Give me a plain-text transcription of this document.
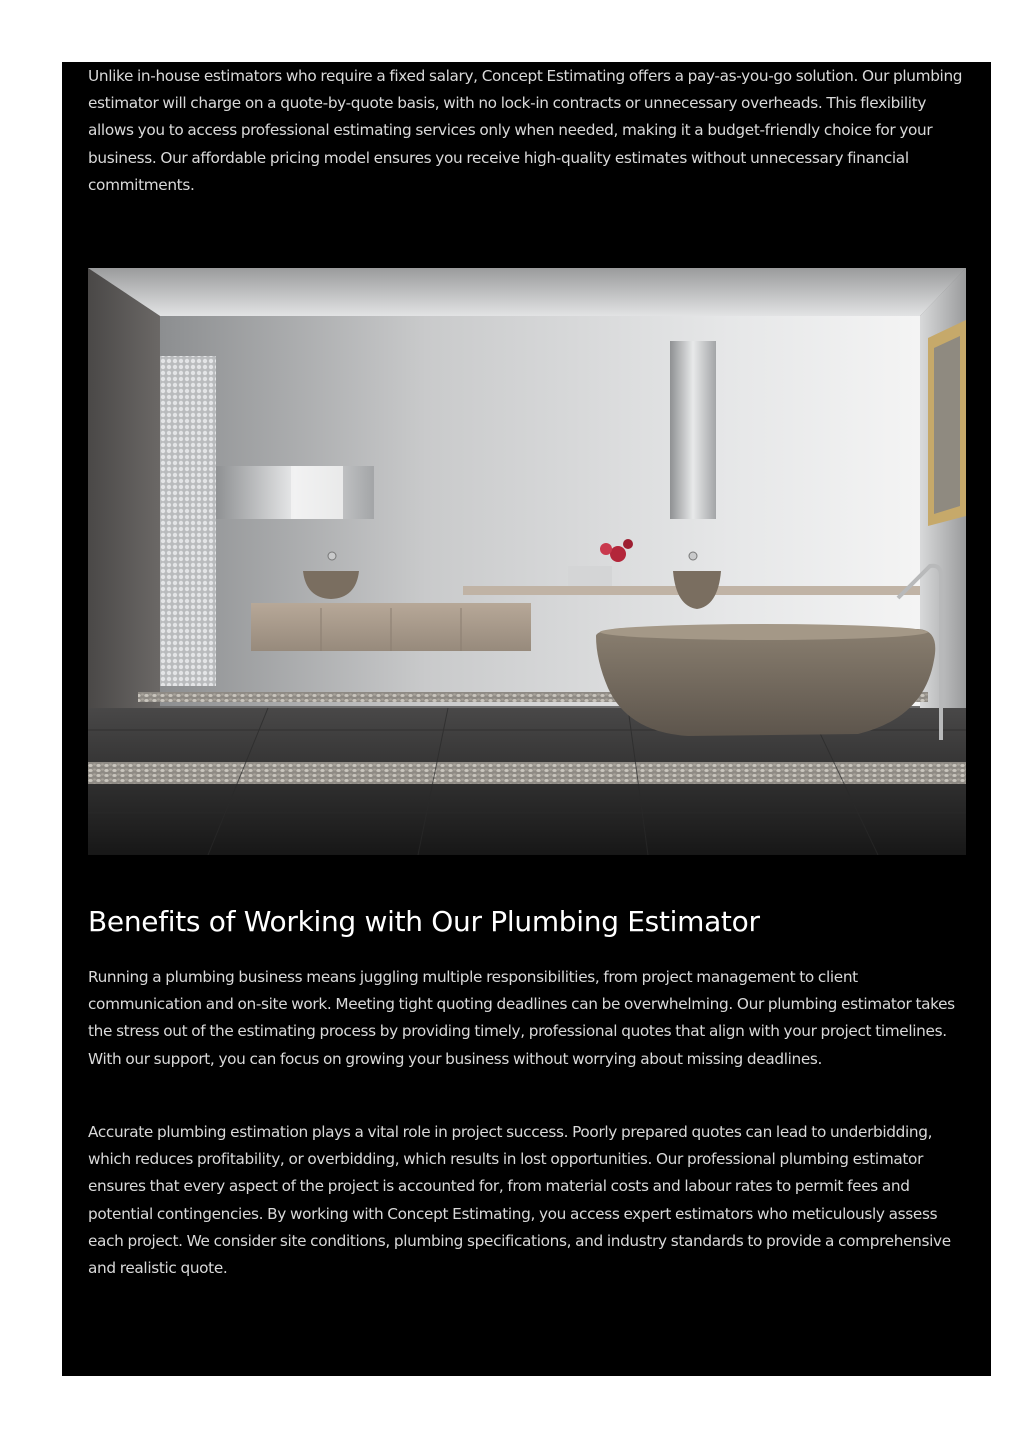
Unlike in-house estimators who require a fixed salary, Concept Estimating offers a pay-as-you-go solution. Our plumbing estimator will charge on a quote-by-quote basis, with no lock-in contracts or unnecessary overheads. This flexibility allows you to access professional estimating services only when needed, making it a budget-friendly choice for your business. Our affordable pricing model ensures you receive high-quality estimates without unnecessary financial commitments.

Benefits of Working with Our Plumbing Estimator

Running a plumbing business means juggling multiple responsibilities, from project management to client communication and on-site work. Meeting tight quoting deadlines can be overwhelming. Our plumbing estimator takes the stress out of the estimating process by providing timely, professional quotes that align with your project timelines. With our support, you can focus on growing your business without worrying about missing deadlines.

Accurate plumbing estimation plays a vital role in project success. Poorly prepared quotes can lead to underbidding, which reduces profitability, or overbidding, which results in lost opportunities. Our professional plumbing estimator ensures that every aspect of the project is accounted for, from material costs and labour rates to permit fees and potential contingencies. By working with Concept Estimating, you access expert estimators who meticulously assess each project. We consider site conditions, plumbing specifications, and industry standards to provide a comprehensive and realistic quote.
